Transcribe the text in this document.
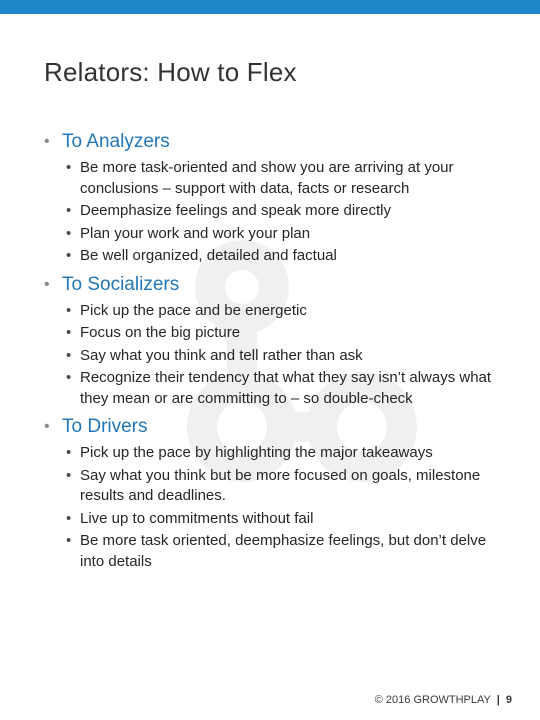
Relators: How to Flex
• To Analyzers
• Be more task-oriented and show you are arriving at your conclusions – support with data, facts or research
• Deemphasize feelings and speak more directly
• Plan your work and work your plan
• Be well organized, detailed and factual
• To Socializers
• Pick up the pace and be energetic
• Focus on the big picture
• Say what you think and tell rather than ask
• Recognize their tendency that what they say isn’t always what they mean or are committing to – so double-check
• To Drivers
• Pick up the pace by highlighting the major takeaways
• Say what you think but be more focused on goals, milestone results and deadlines.
• Live up to commitments without fail
• Be more task oriented, deemphasize feelings, but don’t delve into details
© 2016 GROWTHPLAY | 9
